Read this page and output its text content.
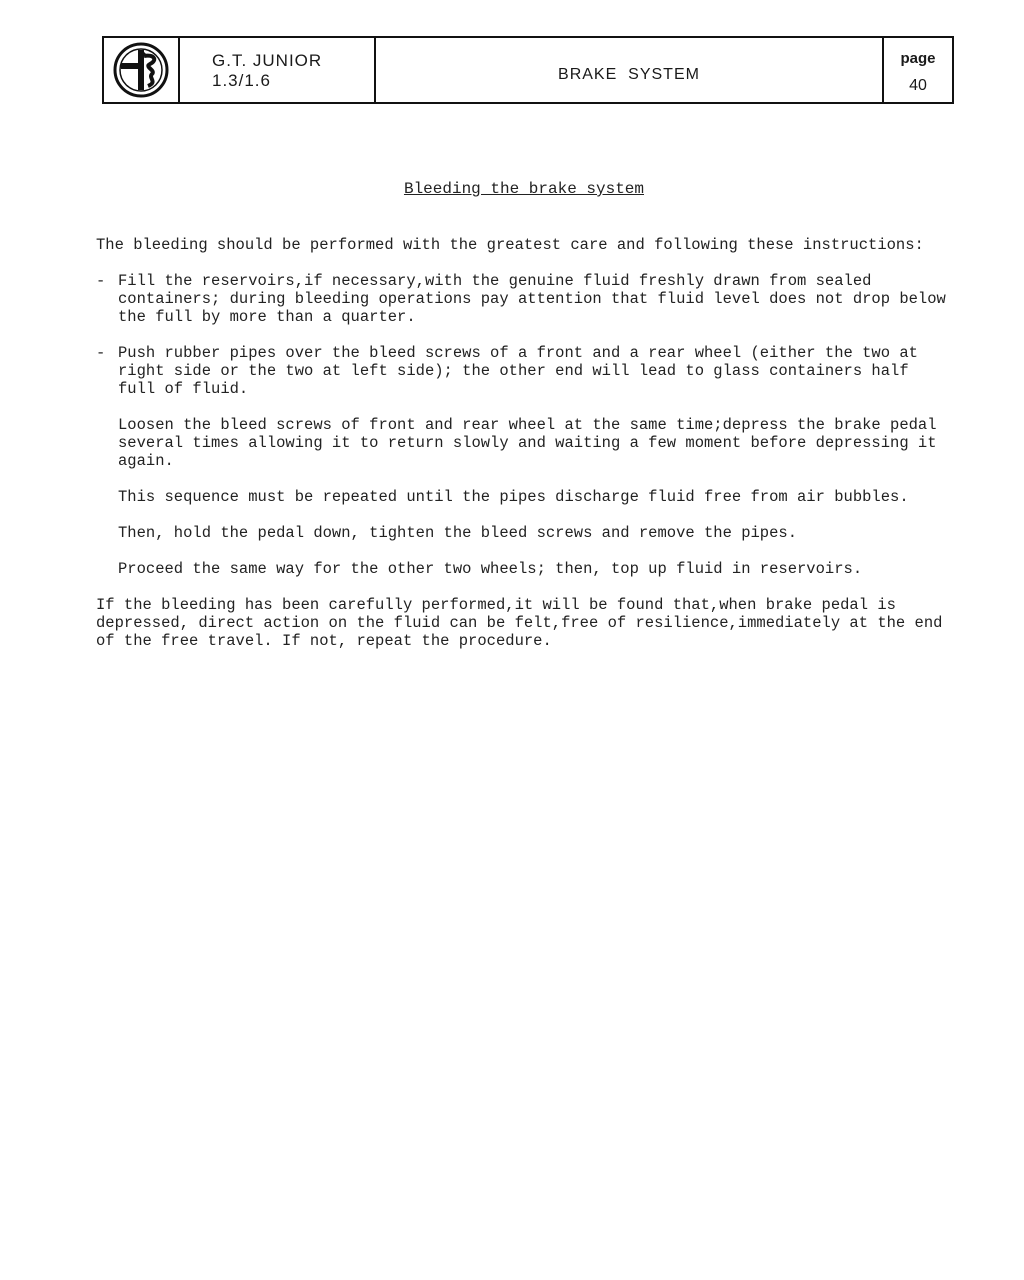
G.T. JUNIOR
1.3/1.6	BRAKE  SYSTEM
page
40

Bleeding the brake system

The bleeding should be performed with the greatest care and following these instructions:

- Fill the reservoirs,if necessary,with the genuine fluid freshly drawn from sealed containers; during bleeding operations pay attention that fluid level does not drop below the full by more than a quarter.

- Push rubber pipes over the bleed screws of a front and a rear wheel (either the two at right side or the two at left side); the other end will lead to glass containers half full of fluid.

Loosen the bleed screws of front and rear wheel at the same time;depress the brake pedal several times allowing it to return slowly and waiting a few moment before depressing it again.

This sequence must be repeated until the pipes discharge fluid free from air bubbles.

Then, hold the pedal down, tighten the bleed screws and remove the pipes.

Proceed the same way for the other two wheels; then, top up fluid in reservoirs.

If the bleeding has been carefully performed,it will be found that,when brake pedal is depressed, direct action on the fluid can be felt,free of resilience,immediately at the end of the free travel. If not, repeat the procedure.
